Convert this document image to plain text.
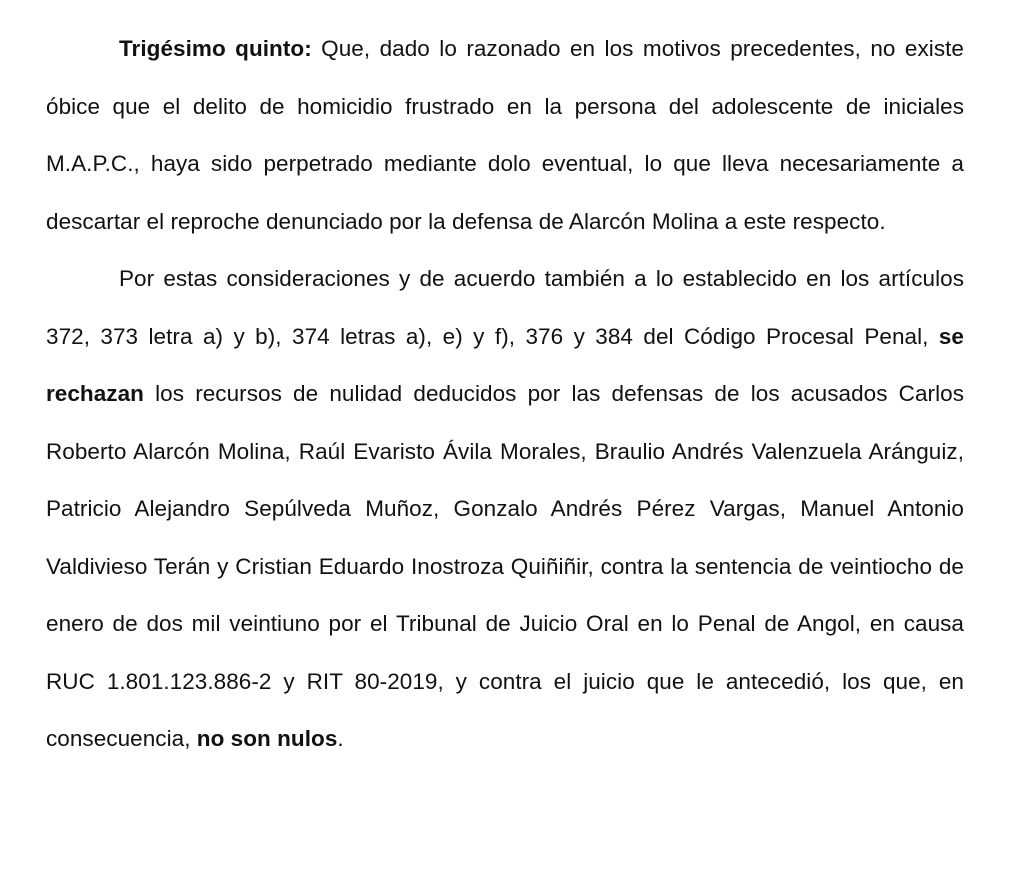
Trigésimo quinto: Que, dado lo razonado en los motivos precedentes, no existe óbice que el delito de homicidio frustrado en la persona del adolescente de iniciales M.A.P.C., haya sido perpetrado mediante dolo eventual, lo que lleva necesariamente a descartar el reproche denunciado por la defensa de Alarcón Molina a este respecto.

Por estas consideraciones y de acuerdo también a lo establecido en los artículos 372, 373 letra a) y b), 374 letras a), e) y f), 376 y 384 del Código Procesal Penal, se rechazan los recursos de nulidad deducidos por las defensas de los acusados Carlos Roberto Alarcón Molina, Raúl Evaristo Ávila Morales, Braulio Andrés Valenzuela Aránguiz, Patricio Alejandro Sepúlveda Muñoz, Gonzalo Andrés Pérez Vargas, Manuel Antonio Valdivieso Terán y Cristian Eduardo Inostroza Quiñiñir, contra la sentencia de veintiocho de enero de dos mil veintiuno por el Tribunal de Juicio Oral en lo Penal de Angol, en causa RUC 1.801.123.886-2 y RIT 80-2019, y contra el juicio que le antecedió, los que, en consecuencia, no son nulos.
